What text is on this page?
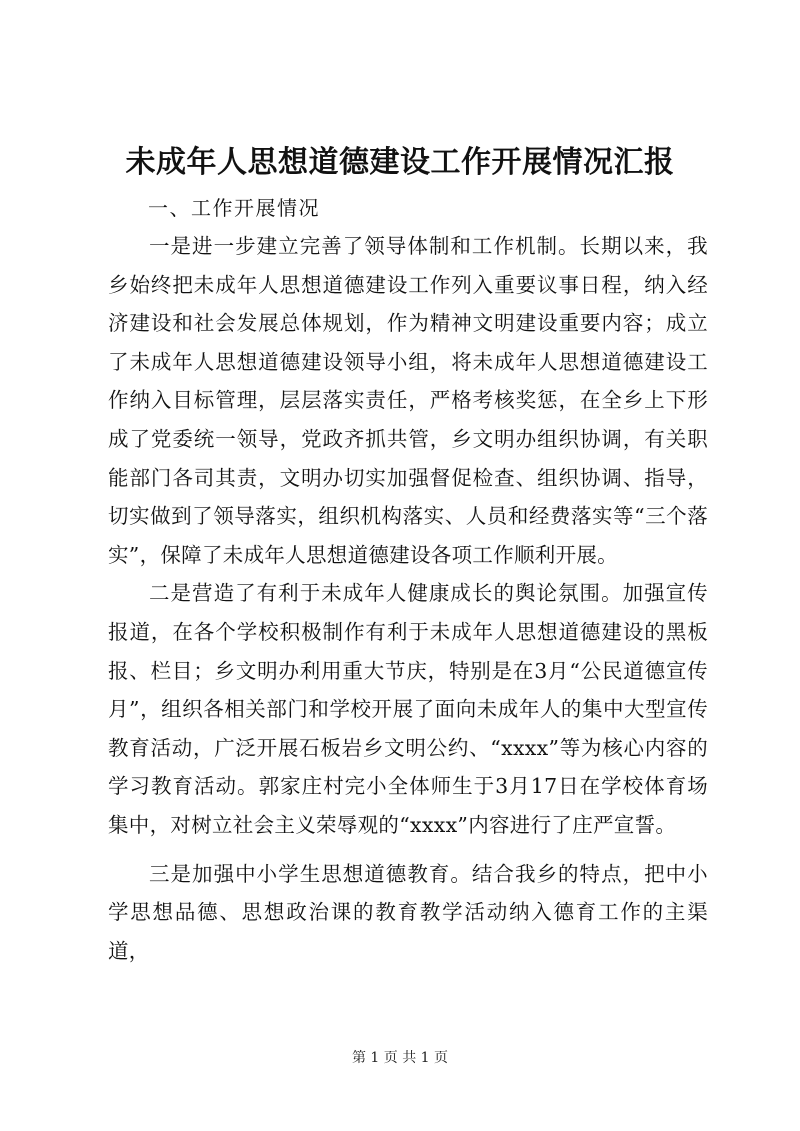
未成年人思想道德建设工作开展情况汇报

一、工作开展情况

一是进一步建立完善了领导体制和工作机制。长期以来，我乡始终把未成年人思想道德建设工作列入重要议事日程，纳入经济建设和社会发展总体规划，作为精神文明建设重要内容；成立了未成年人思想道德建设领导小组，将未成年人思想道德建设工作纳入目标管理，层层落实责任，严格考核奖惩，在全乡上下形成了党委统一领导，党政齐抓共管，乡文明办组织协调，有关职能部门各司其责，文明办切实加强督促检查、组织协调、指导，切实做到了领导落实，组织机构落实、人员和经费落实等“三个落实”，保障了未成年人思想道德建设各项工作顺利开展。

二是营造了有利于未成年人健康成长的舆论氛围。加强宣传报道，在各个学校积极制作有利于未成年人思想道德建设的黑板报、栏目；乡文明办利用重大节庆，特别是在3月“公民道德宣传月”，组织各相关部门和学校开展了面向未成年人的集中大型宣传教育活动，广泛开展石板岩乡文明公约、“xxxx”等为核心内容的学习教育活动。郭家庄村完小全体师生于3月17日在学校体育场集中，对树立社会主义荣辱观的“xxxx”内容进行了庄严宣誓。

三是加强中小学生思想道德教育。结合我乡的特点，把中小学思想品德、思想政治课的教育教学活动纳入德育工作的主渠道，

第 1 页 共 1 页
